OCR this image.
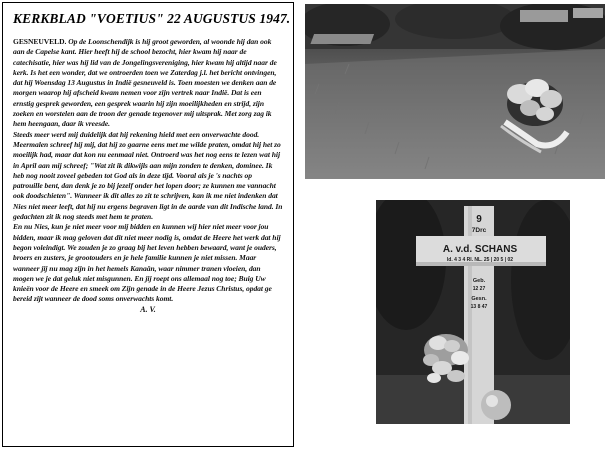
KERKBLAD "VOETIUS" 22 AUGUSTUS 1947.

GESNEUVELD. Op de Loonschendijk is hij groot geworden, al woonde hij dan ook aan de Capelse kant. Hier heeft hij de school bezocht, hier kwam hij naar de catechisatie, hier was hij lid van de Jongelingsvereniging, hier kwam hij altijd naar de kerk. Is het een wonder, dat we ontroerden toen we Zaterdag j.l. het bericht ontvingen, dat hij Woensdag 13 Augustus in Indië gesneuveld is. Toen moesten we denken aan de morgen waarop hij afscheid kwam nemen voor zijn vertrek naar Indië. Dat is een ernstig gesprek geworden, een gesprek waarin hij zijn moeilijkheden en strijd, zijn zoeken en worstelen aan de troon der genade tegenover mij uitsprak. Met zorg zag ik hem heengaan, daar ik vreesde.

Steeds meer werd mij duidelijk dat hij rekening hield met een onverwachte dood. Meermalen schreef hij mij, dat hij zo gaarne eens met me wilde praten, omdat hij het zo moeilijk had, maar dat kon nu eenmaal niet. Ontroerd was het nog eens te lezen wat hij in April aan mij schreef; "Wat zit ik dikwijls aan mijn zonden te denken, dominee. Ik heb nog nooit zoveel gebeden tot God als in deze tijd. Vooral als je 's nachts op patrouille bent, dan denk je zo bij jezelf onder het lopen door; ze kunnen me vannacht ook doodschieten". Wanneer ik dit alles zo zit te schrijven, kan ik me niet indenken dat Nies niet meer leeft, dat hij nu ergens begraven ligt in de aarde van dit Indische land. In gedachten zit ik nog steeds met hem te praten.

En nu Nies, kun je niet meer voor mij bidden en kunnen wij hier niet meer voor jou bidden, maar ik mag geloven dat dit niet meer nodig is, omdat de Heere het werk dat hij begon voleindigt. We zouden je zo graag bij het leven hebben bewaard, want je ouders, broers en zusters, je grootouders en je hele familie kunnen je niet missen. Maar wanneer jij nu mag zijn in het hemels Kanaän, waar nimmer tranen vloeien, dan mogen we je dat geluk niet misgunnen. En jij roept ons allemaal nog toe; Buig Uw knieën voor de Heere en smeek om Zijn genade in de Heere Jezus Christus, opdat ge bereid zijt wanneer de dood soms onverwachts komt.

A. V.
9
7Drc
A. v.d. SCHANS
ld. 4 3 4 RI. NL. 25 | 20 5 | 02
Geb.
12 27
Gesn.
13 8 47
